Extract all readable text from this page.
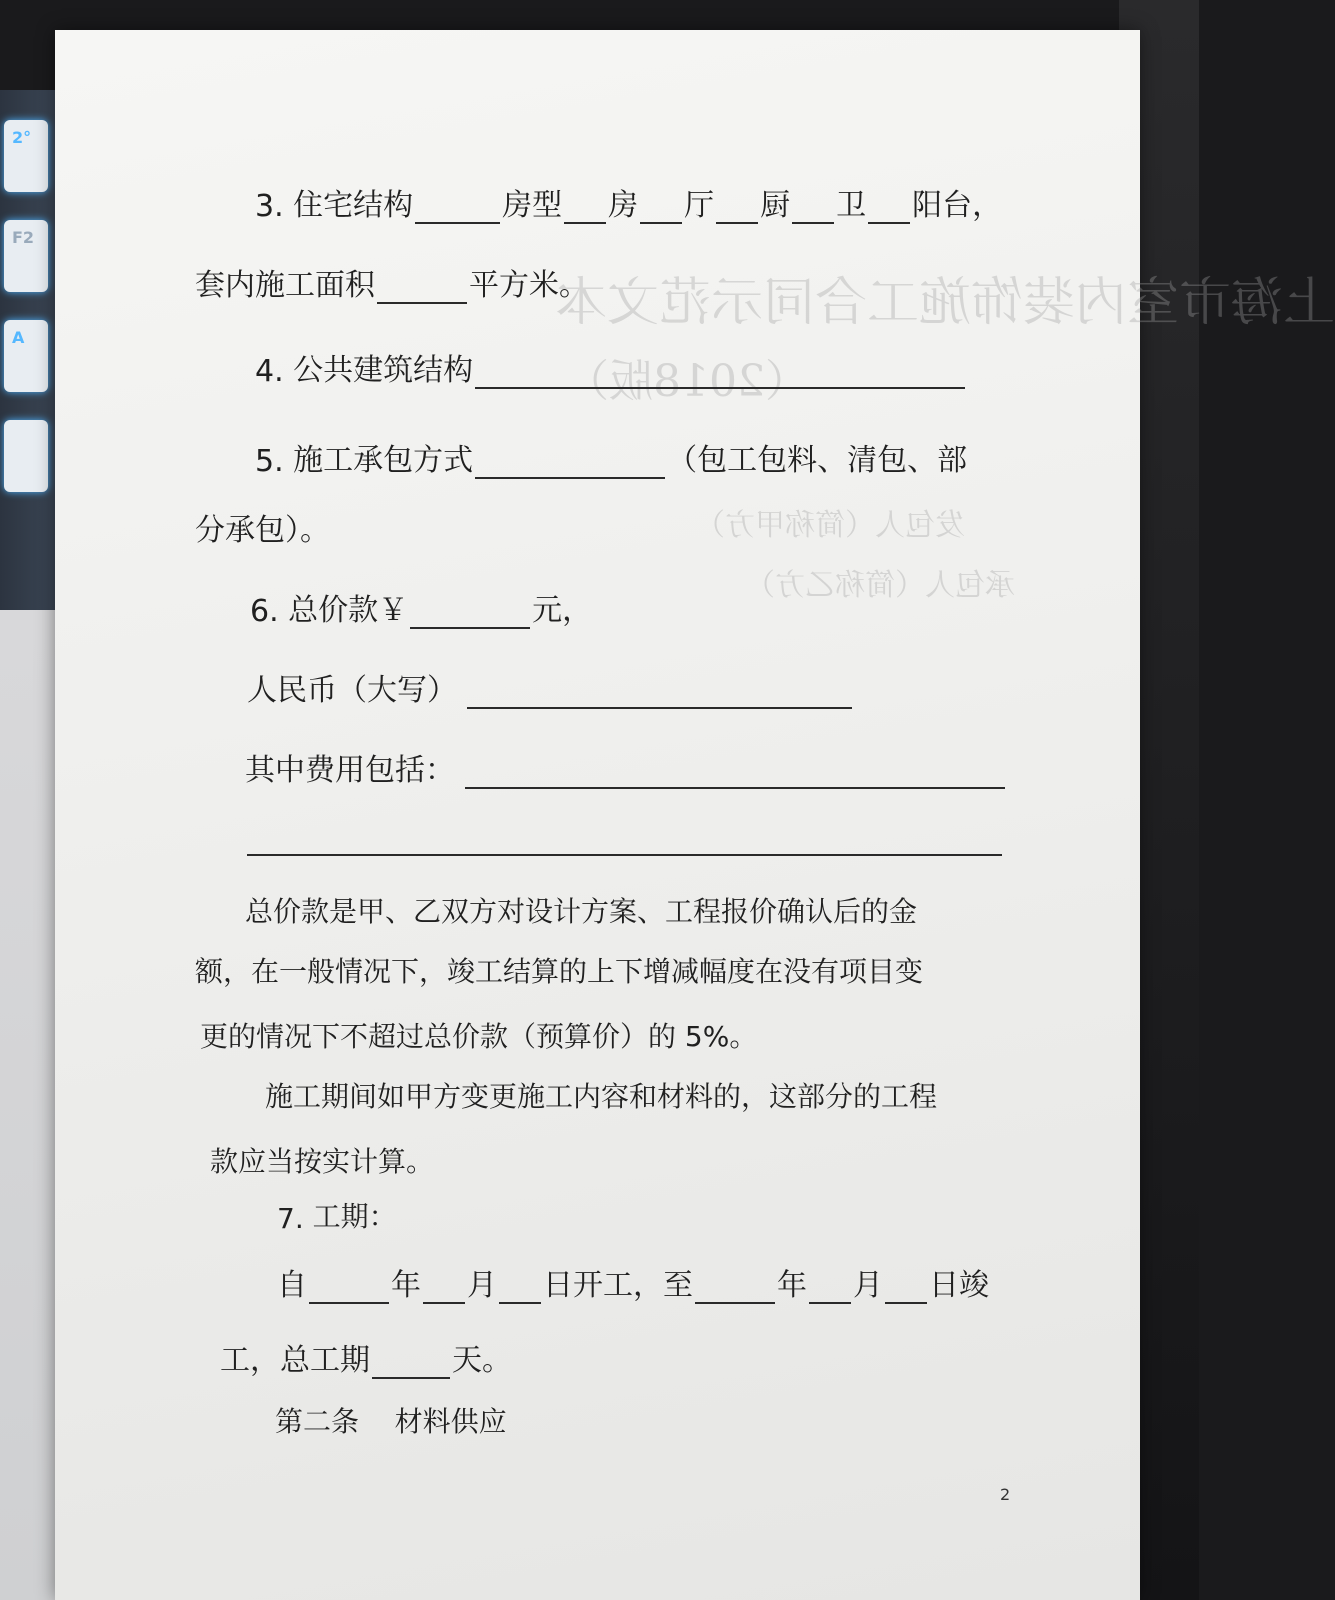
2°
F2
A
上海市室内装饰施工合同示范文本
（2018版）
发包人（简称甲方）
承包人（简称乙方）
3.
住宅结构	房型 房 厅 厨 卫 阳台，
套内施工面积	平方米。
4.
公共建筑结构
5.
施工承包方式	（包工包料、清包、部
分承包）。
6.
总价款￥	元，
人民币（大写）
其中费用包括：
总价款是甲、乙双方对设计方案、工程报价确认后的金
额，在一般情况下，竣工结算的上下增减幅度在没有项目变
更的情况下不超过总价款（预算价）的 5%。
施工期间如甲方变更施工内容和材料的，这部分的工程
款应当按实计算。
7.
工期：
自	年 月 日开工，至	年 月 日竣
工，总工期	天。
第二条    材料供应
2
